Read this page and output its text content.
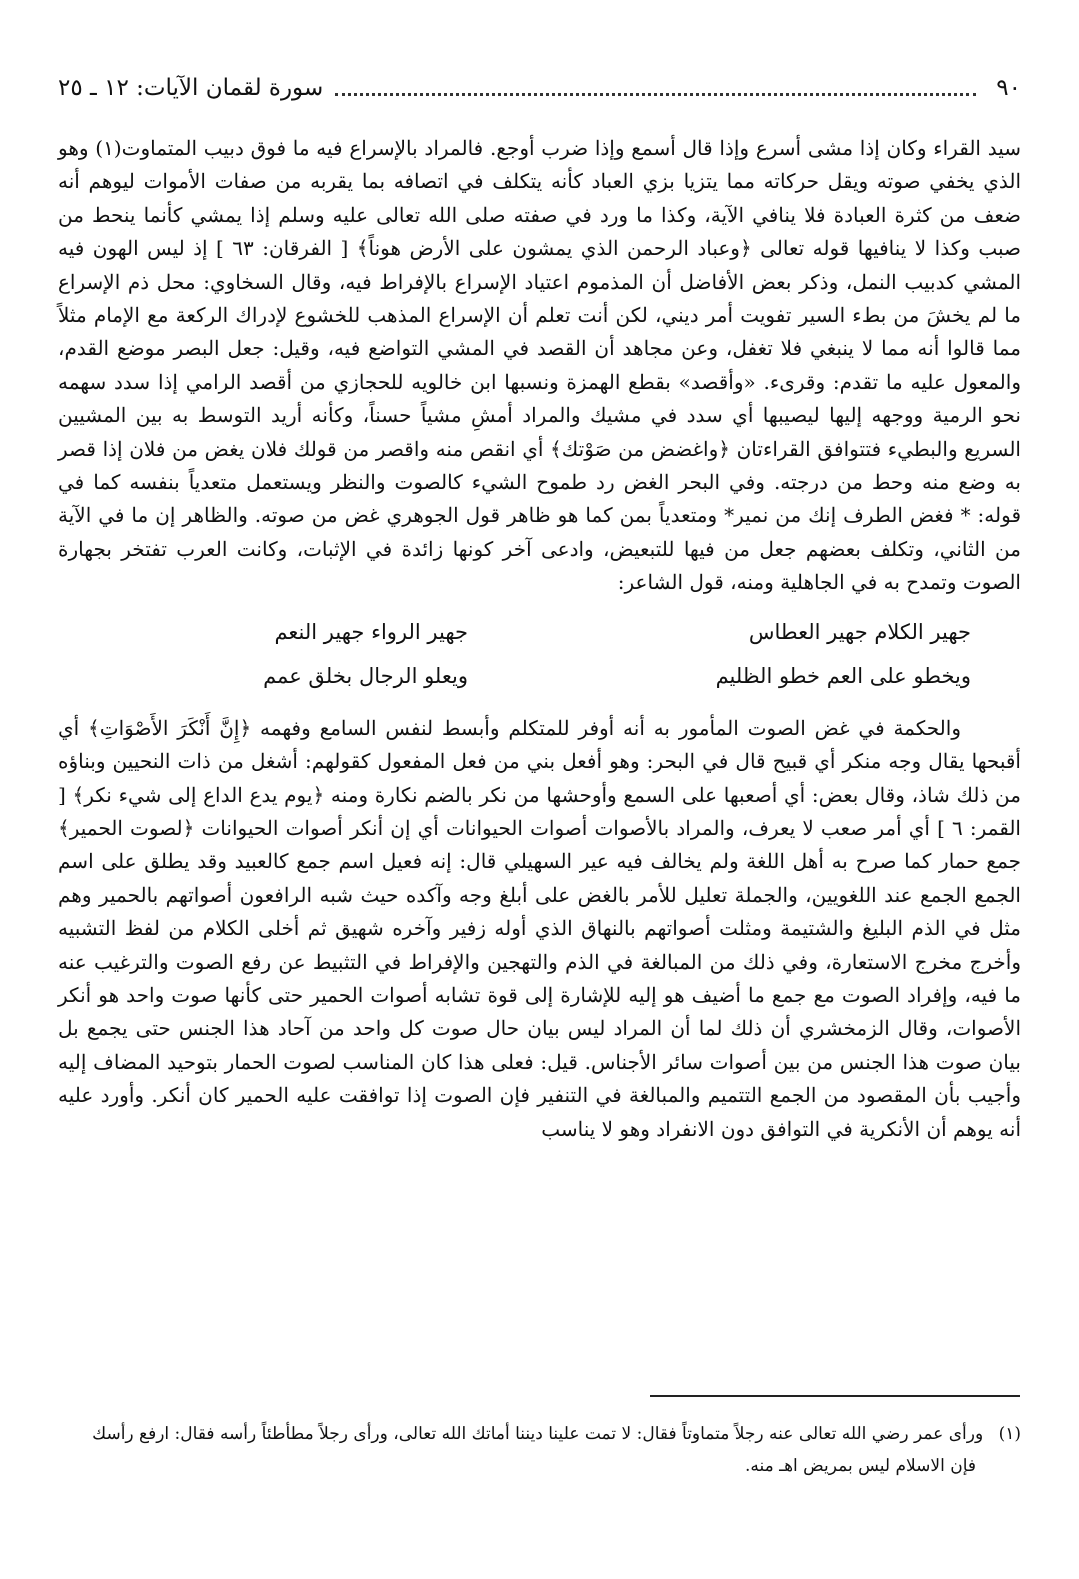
٩٠
سورة لقمان الآيات: ١٢ ـ ٢٥

سيد القراء وكان إذا مشى أسرع وإذا قال أسمع وإذا ضرب أوجع. فالمراد بالإسراع فيه ما فوق دبيب المتماوت(١) وهو الذي يخفي صوته ويقل حركاته مما يتزيا بزي العباد كأنه يتكلف في اتصافه بما يقربه من صفات الأموات ليوهم أنه ضعف من كثرة العبادة فلا ينافي الآية، وكذا ما ورد في صفته صلى الله تعالى عليه وسلم إذا يمشي كأنما ينحط من صبب وكذا لا ينافيها قوله تعالى ﴿وعباد الرحمن الذي يمشون على الأرض هوناً﴾ [ الفرقان: ٦٣ ] إذ ليس الهون فيه المشي كدبيب النمل، وذكر بعض الأفاضل أن المذموم اعتياد الإسراع بالإفراط فيه، وقال السخاوي: محل ذم الإسراع ما لم يخشَ من بطء السير تفويت أمر ديني، لكن أنت تعلم أن الإسراع المذهب للخشوع لإدراك الركعة مع الإمام مثلاً مما قالوا أنه مما لا ينبغي فلا تغفل، وعن مجاهد أن القصد في المشي التواضع فيه، وقيل: جعل البصر موضع القدم، والمعول عليه ما تقدم: وقرىء. «وأقصد» بقطع الهمزة ونسبها ابن خالويه للحجازي من أقصد الرامي إذا سدد سهمه نحو الرمية ووجهه إليها ليصيبها أي سدد في مشيك والمراد أمشِ مشياً حسناً، وكأنه أريد التوسط به بين المشيين السريع والبطيء فتتوافق القراءتان ﴿واغضض من صَوْتك﴾ أي انقص منه واقصر من قولك فلان يغض من فلان إذا قصر به وضع منه وحط من درجته. وفي البحر الغض رد طموح الشيء كالصوت والنظر ويستعمل متعدياً بنفسه كما في قوله: * فغض الطرف إنك من نمير* ومتعدياً بمن كما هو ظاهر قول الجوهري غض من صوته. والظاهر إن ما في الآية من الثاني، وتكلف بعضهم جعل من فيها للتبعيض، وادعى آخر كونها زائدة في الإثبات، وكانت العرب تفتخر بجهارة الصوت وتمدح به في الجاهلية ومنه، قول الشاعر:

جهير الكلام جهير العطاس
جهير الرواء جهير النعم
ويخطو على العم خطو الظليم
ويعلو الرجال بخلق عمم

والحكمة في غض الصوت المأمور به أنه أوفر للمتكلم وأبسط لنفس السامع وفهمه ﴿إِنَّ أَنْكَرَ الأَصْوَاتِ﴾ أي أقبحها يقال وجه منكر أي قبيح قال في البحر: وهو أفعل بني من فعل المفعول كقولهم: أشغل من ذات النحيين وبناؤه من ذلك شاذ، وقال بعض: أي أصعبها على السمع وأوحشها من نكر بالضم نكارة ومنه ﴿يوم يدع الداع إلى شيء نكر﴾ [ القمر: ٦ ] أي أمر صعب لا يعرف، والمراد بالأصوات أصوات الحيوانات أي إن أنكر أصوات الحيوانات ﴿لصوت الحمير﴾ جمع حمار كما صرح به أهل اللغة ولم يخالف فيه عير السهيلي قال: إنه فعيل اسم جمع كالعبيد وقد يطلق على اسم الجمع الجمع عند اللغويين، والجملة تعليل للأمر بالغض على أبلغ وجه وآكده حيث شبه الرافعون أصواتهم بالحمير وهم مثل في الذم البليغ والشتيمة ومثلت أصواتهم بالنهاق الذي أوله زفير وآخره شهيق ثم أخلى الكلام من لفظ التشبيه وأخرج مخرج الاستعارة، وفي ذلك من المبالغة في الذم والتهجين والإفراط في التثبيط عن رفع الصوت والترغيب عنه ما فيه، وإفراد الصوت مع جمع ما أضيف هو إليه للإشارة إلى قوة تشابه أصوات الحمير حتى كأنها صوت واحد هو أنكر الأصوات، وقال الزمخشري أن ذلك لما أن المراد ليس بيان حال صوت كل واحد من آحاد هذا الجنس حتى يجمع بل بيان صوت هذا الجنس من بين أصوات سائر الأجناس. قيل: فعلى هذا كان المناسب لصوت الحمار بتوحيد المضاف إليه وأجيب بأن المقصود من الجمع التتميم والمبالغة في التنفير فإن الصوت إذا توافقت عليه الحمير كان أنكر. وأورد عليه أنه يوهم أن الأنكرية في التوافق دون الانفراد وهو لا يناسب

(١) ورأى عمر رضي الله تعالى عنه رجلاً متماوتاً فقال: لا تمت علينا ديننا أماتك الله تعالى، ورأى رجلاً مطأطئاً رأسه فقال: ارفع رأسك
فإن الاسلام ليس بمريض اهـ منه.
